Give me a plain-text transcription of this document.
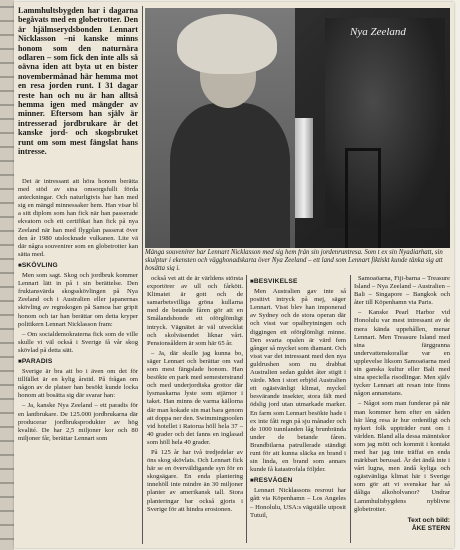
Lammhultsbygden har i dagarna begåvats med en globetrotter. Den är hjälmserydsbonden Lennart Nicklasson –ni kanske minns honom som den naturnära odlaren – som fick den inte alls så oävna iden att byta ut en bister novembermånad här hemma mot en resa jorden runt. I 31 dagar reste han och nu är han alltså hemma igen med mängder av minner. Eftersom han själv är intresserad jordbrukare är det kanske jord- och skogsbruket runt om som mest fängslat hans intresse.

Det är intressant att höra honom berätta med stöd av sina omsorgsfullt förda anteckningar. Och naturligtvis har han med sig en mängd minnessaker hem. Han visar bl a sitt diplom som han fick när han passerade ekvatorn och ett certifikat han fick på nya Zeeland när han med flygplan passerat över den år 1980 utslocknade vulkanen. Lite vä där några souvenirer som en globetrotter kan sätta med.

■ SKÖVLING

Men som sagt. Skog och jordbruk kommer Lennart lätt in på i sin berättelse. Den fruktansvärda skogsskövlingen på Nya Zeeland och i Australien eller japanernas skövling av regnskogen på Samoa har gripit honom och tar han berättar om detta kryper politikern Lennart Nicklasson fram:

– Om socialdemokraterna fick som de ville skulle vi väl också i Sverige få vår skog skövlad på detta sätt.

■ PARADIS

Sverige är bra att bo i även om det för tillfället är en kylig årstid. På frågan om någon av de platser han besökt kunde locka honom att bosätta sig där svarar han:

– Ja, kanske Nya Zeeland – ett paradis för en lantbrukare. De 125.000 jordbrukarna där producerar jordbruksprodukter av hög kvalité. De har 2,5 miljoner kor och 80 miljoner får, berättar Lennart som

Nya Zeeland
Många souvenirer har Lennart Nicklasson med sig hem från sin jordenruntresa. Som t ex sin Nyadiarhatt, sin skulptur i ekensten och vägghonadskarta över Nya Zeeland – ett land som Lennart fiktiskt kunde tänka sig att bosätta sig i.

också vet att de är världens största exportörer av ull och fårkött. Klimatet är gott och de samarbetsvilliga gröna kullarna med de betande fåren gör att en Smålandsbonde ett oförglömligt intryck. Vägnätet är väl utvecklat och skolväsendet liknar vårt. Pensionsåldern är som här 65 år.

– Ja, där skulle jag kunna bo, säger Lennart och berättar om vad som mest fängslade honom. Han besökte en park med semesterstrand och med underjordiska grottor där lysmaskarna lyste som stjärnor i taket. Han minns de varma källorna där man kokade sin mat bara genom att doppa ner den. Swimmingpoolen vid hotellet i Ratorua höll hela 37 –40 grader och det fanns en inglasad som höll hela 40 grader.

På 125 år har två tredjedelar av öns skog skövlats. Och Lennart fick här se en överväldigande syn för en skogsägare. En enda plantering innehöll inte mindre än 30 miljoner planter av amerikansk tall. Stora planteringar har också gjorts i Sverige för att hindra erosionen.

■ BESVIKELSE

Men Australien gav inte så positivt intryck på mej, säger Lennart. Visst blev han imponerad av Sydney och de stora operan där och visst var opalbrytningen och diggingen ett oförglömligt minne. Den svarta opalen är värd fem gånger så mycket som diamant. Och visst var det intressant med den nya guldrushen som nu drabbat Australien sedan guldet åter stigit i värde. Men i stort erbjöd Australien ett ogästvänligt klimat, myckel besvärande insekter, stora fält med ödslig jord utan utmarkade marker. En farm som Lennart besökte hade i ex inte fått regn på sju månader och de 1000 tunnlanden låg brunbrända under de betande fåren. Brandbilarna patrullerade ständigt runt för att kunna släcka en brand i sin linda, en brand som annars kunde få katastrofala följder.

■ RESVÄGEN

Lennart Nicklassons resrout har gått via Köpenhamn – Los Angeles – Honolulu, USA:s vägställe utposit Tutuil,

Samoaöarna, Fiji-barna – Treasure Island – Nya Zeeland – Australien – Bali – Singapore – Bangkok och åter till Köpenhamn via Paris.

– Kanske Pearl Harbor vid Honolulu var mest intressant av de mera kända uppehållen, menar Lennart. Men Treasure Island med sina färggranna undervattenskorallar var en upplevelse liksom Samoaöarna med sin ganska kultur eller Bali med sina speciella risodlingar. Men själv tycker Lennart att resan inte finns någon annanstans.

– Något som man funderar på när man kommer hem efter en såden här lång resa är hur ordentligt och nykert folk uppträder runt om i världen. Bland alla dessa människor som jag mött och kommit i kontakt med har jag inte träffat en enda märkbart berusad. Är det ändå inte i vårt lugna, men ändå kyliga och ogästvänliga klimat här i Sverige som gör att vi svenskar har så dåliga alkoholvanor? Undrar Lammhultsbygdens nyblivne globetrotter.

Text och bild:
ÅKE STERN
